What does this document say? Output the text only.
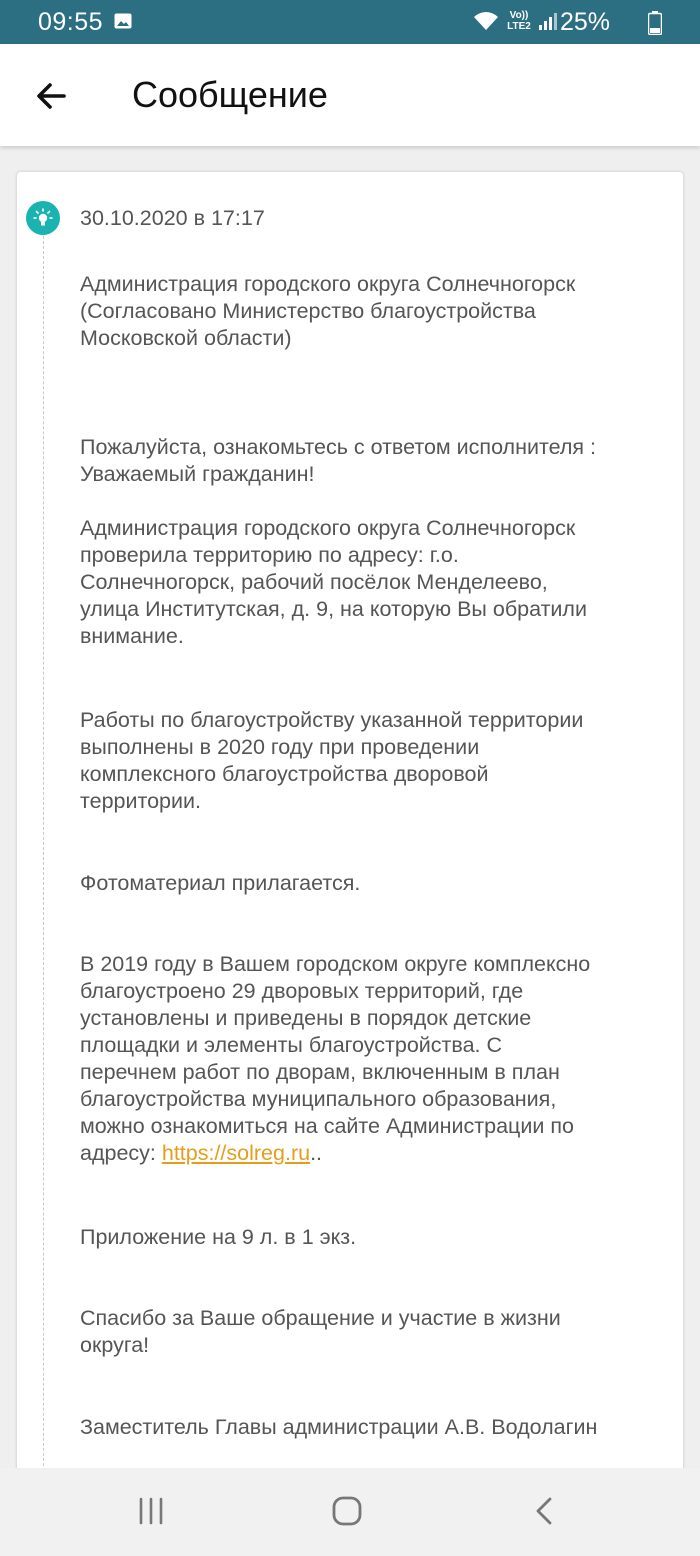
09:55	Vo))
LTE2 25%
Сообщение
30.10.2020 в 17:17
Администрация городского округа Солнечногорск
(Согласовано Министерство благоустройства
Московской области)
Пожалуйста, ознакомьтесь с ответом исполнителя :
Уважаемый гражданин!
Администрация городского округа Солнечногорск
проверила территорию по адресу: г.о.
Солнечногорск, рабочий посёлок Менделеево,
улица Институтская, д. 9, на которую Вы обратили
внимание.
Работы по благоустройству указанной территории
выполнены в 2020 году при проведении
комплексного благоустройства дворовой
территории.
Фотоматериал прилагается.
В 2019 году в Вашем городском округе комплексно
благоустроено 29 дворовых территорий, где
установлены и приведены в порядок детские
площадки и элементы благоустройства. С
перечнем работ по дворам, включенным в план
благоустройства муниципального образования,
можно ознакомиться на сайте Администрации по
адресу: https://solreg.ru..
Приложение на 9 л. в 1 экз.
Спасибо за Ваше обращение и участие в жизни
округа!
Заместитель Главы администрации А.В. Водолагин
